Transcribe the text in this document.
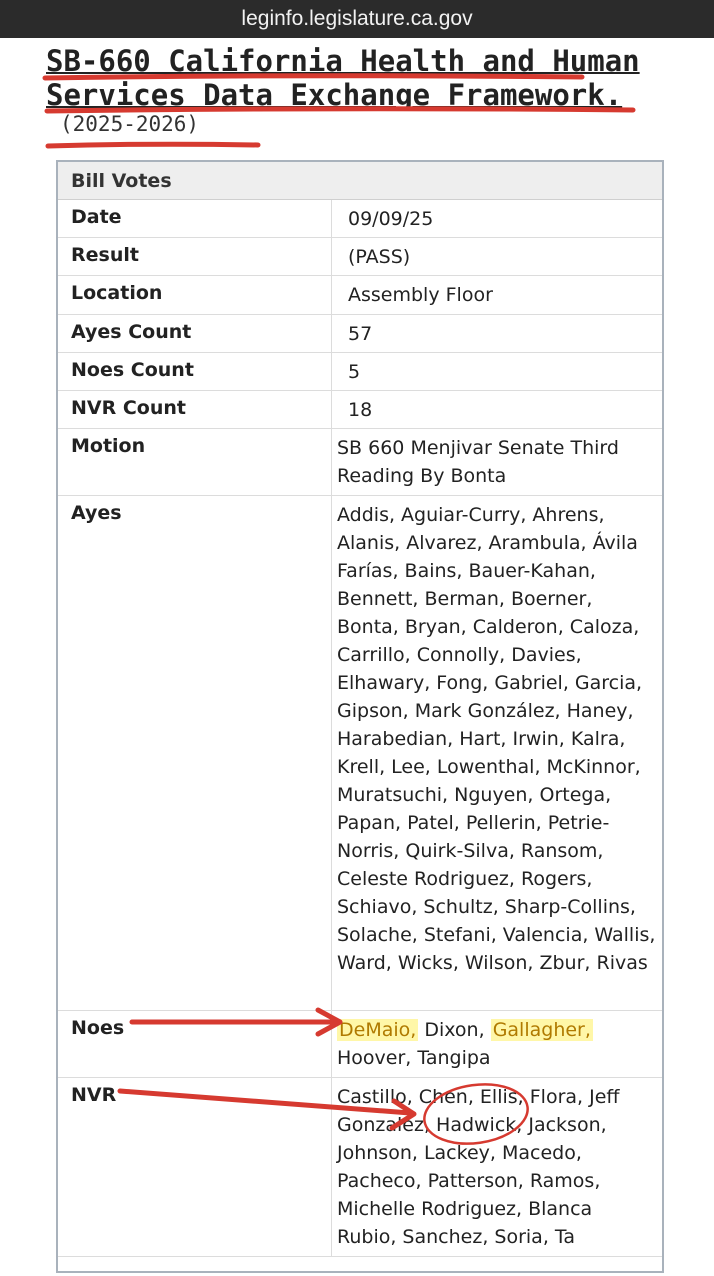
leginfo.legislature.ca.gov
SB-660 California Health and Human Services Data Exchange Framework.(2025-2026)
Bill Votes
Date	09/09/25
Result	(PASS)
Location	Assembly Floor
Ayes Count	57
Noes Count	5
NVR Count	18
Motion	SB 660 Menjivar Senate Third Reading By Bonta
Ayes	Addis, Aguiar-Curry, Ahrens, Alanis, Alvarez, Arambula, Ávila Farías, Bains, Bauer-Kahan, Bennett, Berman, Boerner, Bonta, Bryan, Calderon, Caloza, Carrillo, Connolly, Davies, Elhawary, Fong, Gabriel, Garcia, Gipson, Mark González, Haney, Harabedian, Hart, Irwin, Kalra, Krell, Lee, Lowenthal, McKinnor, Muratsuchi, Nguyen, Ortega, Papan, Patel, Pellerin, Petrie-Norris, Quirk-Silva, Ransom, Celeste Rodriguez, Rogers, Schiavo, Schultz, Sharp-Collins, Solache, Stefani, Valencia, Wallis, Ward, Wicks, Wilson, Zbur, Rivas
Noes	DeMaio, Dixon, Gallagher, Hoover, Tangipa
NVR	Castillo, Chen, Ellis, Flora, Jeff Gonzalez, Hadwick, Jackson, Johnson, Lackey, Macedo, Pacheco, Patterson, Ramos, Michelle Rodriguez, Blanca Rubio, Sanchez, Soria, Ta
